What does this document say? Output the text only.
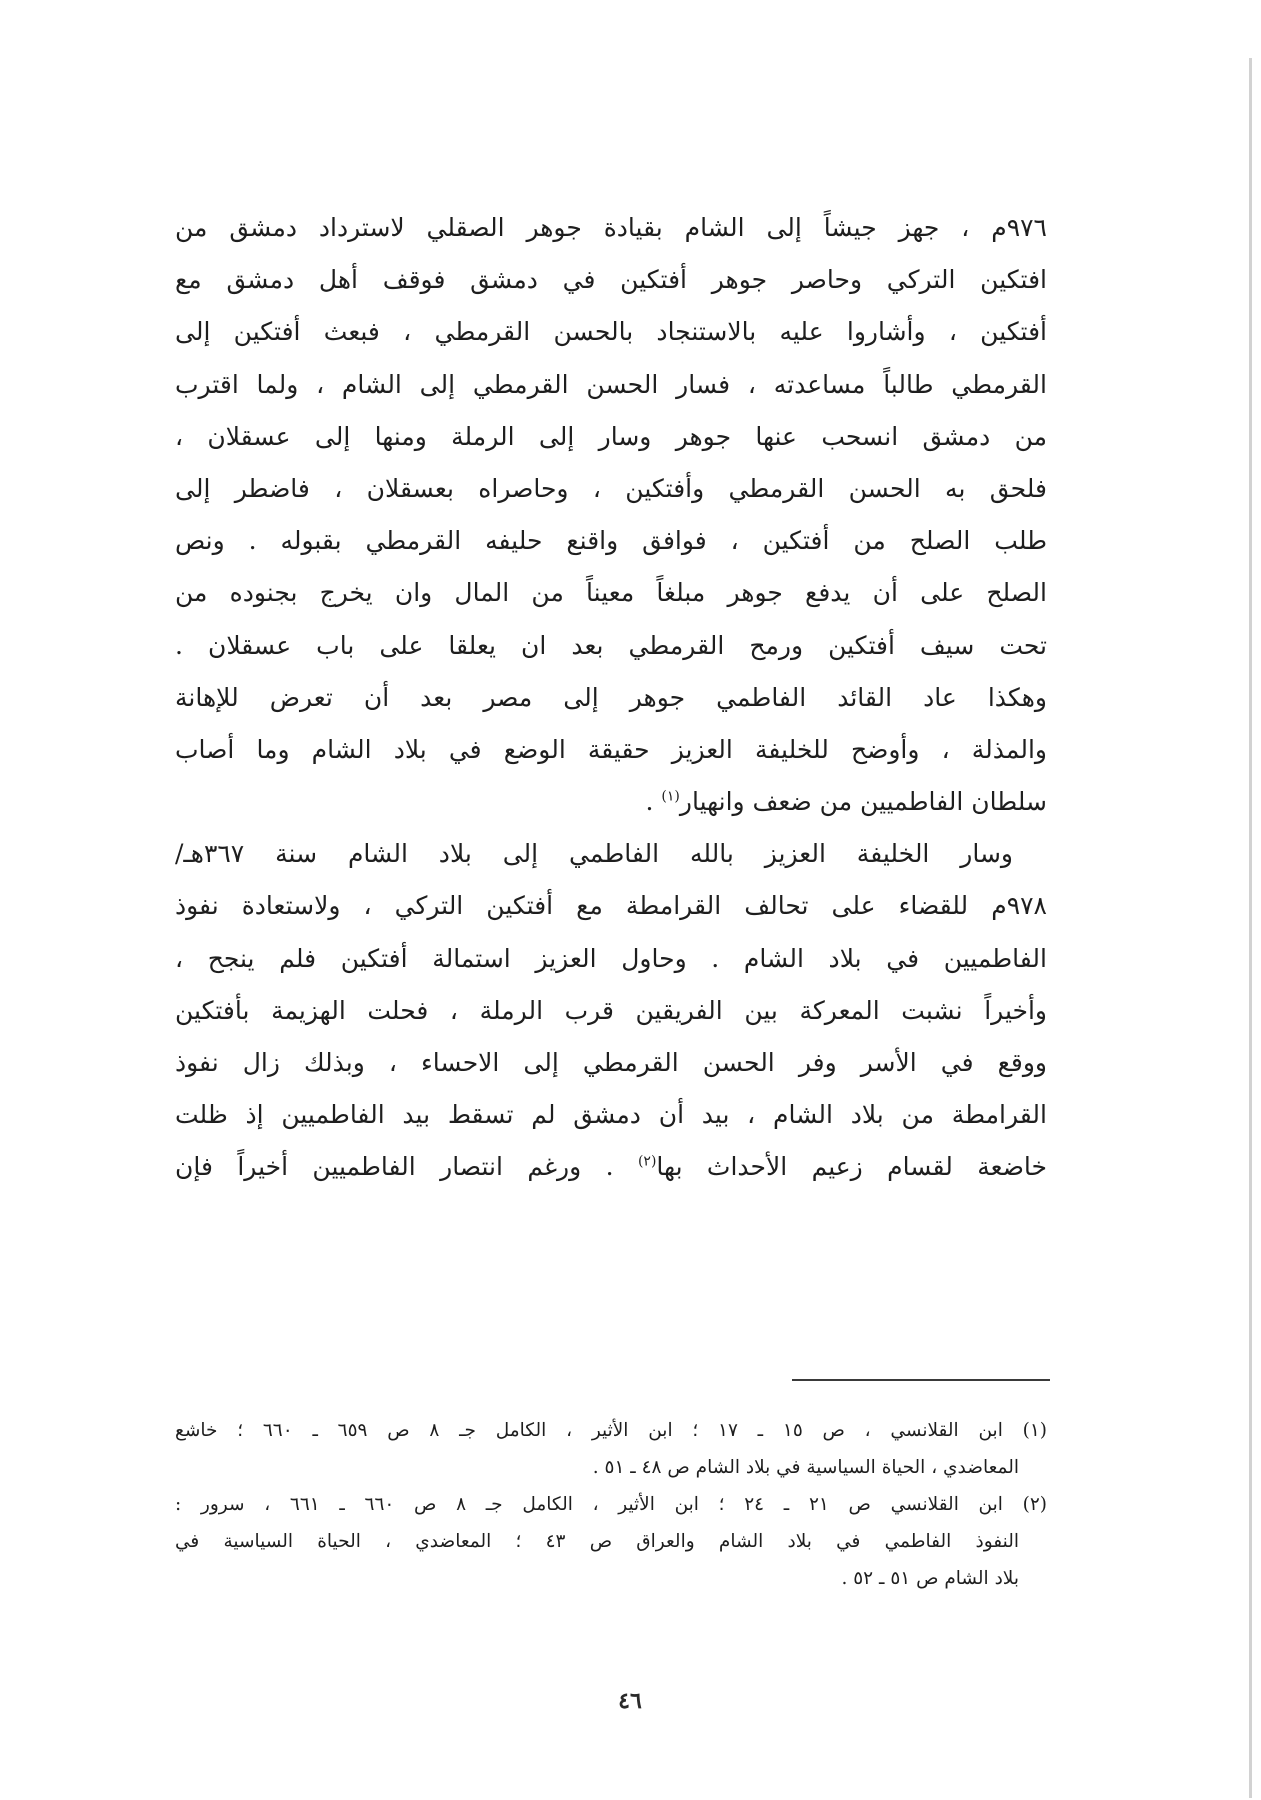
٩٧٦م ، جهز جيشاً إلى الشام بقيادة جوهر الصقلي لاسترداد دمشق من
افتكين التركي وحاصر جوهر أفتكين في دمشق فوقف أهل دمشق مع
أفتكين ، وأشاروا عليه بالاستنجاد بالحسن القرمطي ، فبعث أفتكين إلى
القرمطي طالباً مساعدته ، فسار الحسن القرمطي إلى الشام ، ولما اقترب
من دمشق انسحب عنها جوهر وسار إلى الرملة ومنها إلى عسقلان ،
فلحق به الحسن القرمطي وأفتكين ، وحاصراه بعسقلان ، فاضطر إلى
طلب الصلح من أفتكين ، فوافق واقنع حليفه القرمطي بقبوله . ونص
الصلح على أن يدفع جوهر مبلغاً معيناً من المال وان يخرج بجنوده من
تحت سيف أفتكين ورمح القرمطي بعد ان يعلقا على باب عسقلان .
وهكذا عاد القائد الفاطمي جوهر إلى مصر بعد أن تعرض للإهانة
والمذلة ، وأوضح للخليفة العزيز حقيقة الوضع في بلاد الشام وما أصاب
سلطان الفاطميين من ضعف وانهيار$^{(١)}$ .
وسار الخليفة العزيز بالله الفاطمي إلى بلاد الشام سنة ٣٦٧هـ/
٩٧٨م للقضاء على تحالف القرامطة مع أفتكين التركي ، ولاستعادة نفوذ
الفاطميين في بلاد الشام . وحاول العزيز استمالة أفتكين فلم ينجح ،
وأخيراً نشبت المعركة بين الفريقين قرب الرملة ، فحلت الهزيمة بأفتكين
ووقع في الأسر وفر الحسن القرمطي إلى الاحساء ، وبذلك زال نفوذ
القرامطة من بلاد الشام ، بيد أن دمشق لم تسقط بيد الفاطميين إذ ظلت
خاضعة لقسام زعيم الأحداث بها$^{(٢)}$ . ورغم انتصار الفاطميين أخيراً فإن
(١) ابن القلانسي ، ص ١٥ ـ ١٧ ؛ ابن الأثير ، الكامل جـ ٨ ص ٦٥٩ ـ ٦٦٠ ؛ خاشع
المعاضدي ، الحياة السياسية في بلاد الشام ص ٤٨ ـ ٥١ .
(٢) ابن القلانسي ص ٢١ ـ ٢٤ ؛ ابن الأثير ، الكامل جـ ٨ ص ٦٦٠ ـ ٦٦١ ، سرور :
النفوذ الفاطمي في بلاد الشام والعراق ص ٤٣ ؛ المعاضدي ، الحياة السياسية في
بلاد الشام ص ٥١ ـ ٥٢ .
٤٦
